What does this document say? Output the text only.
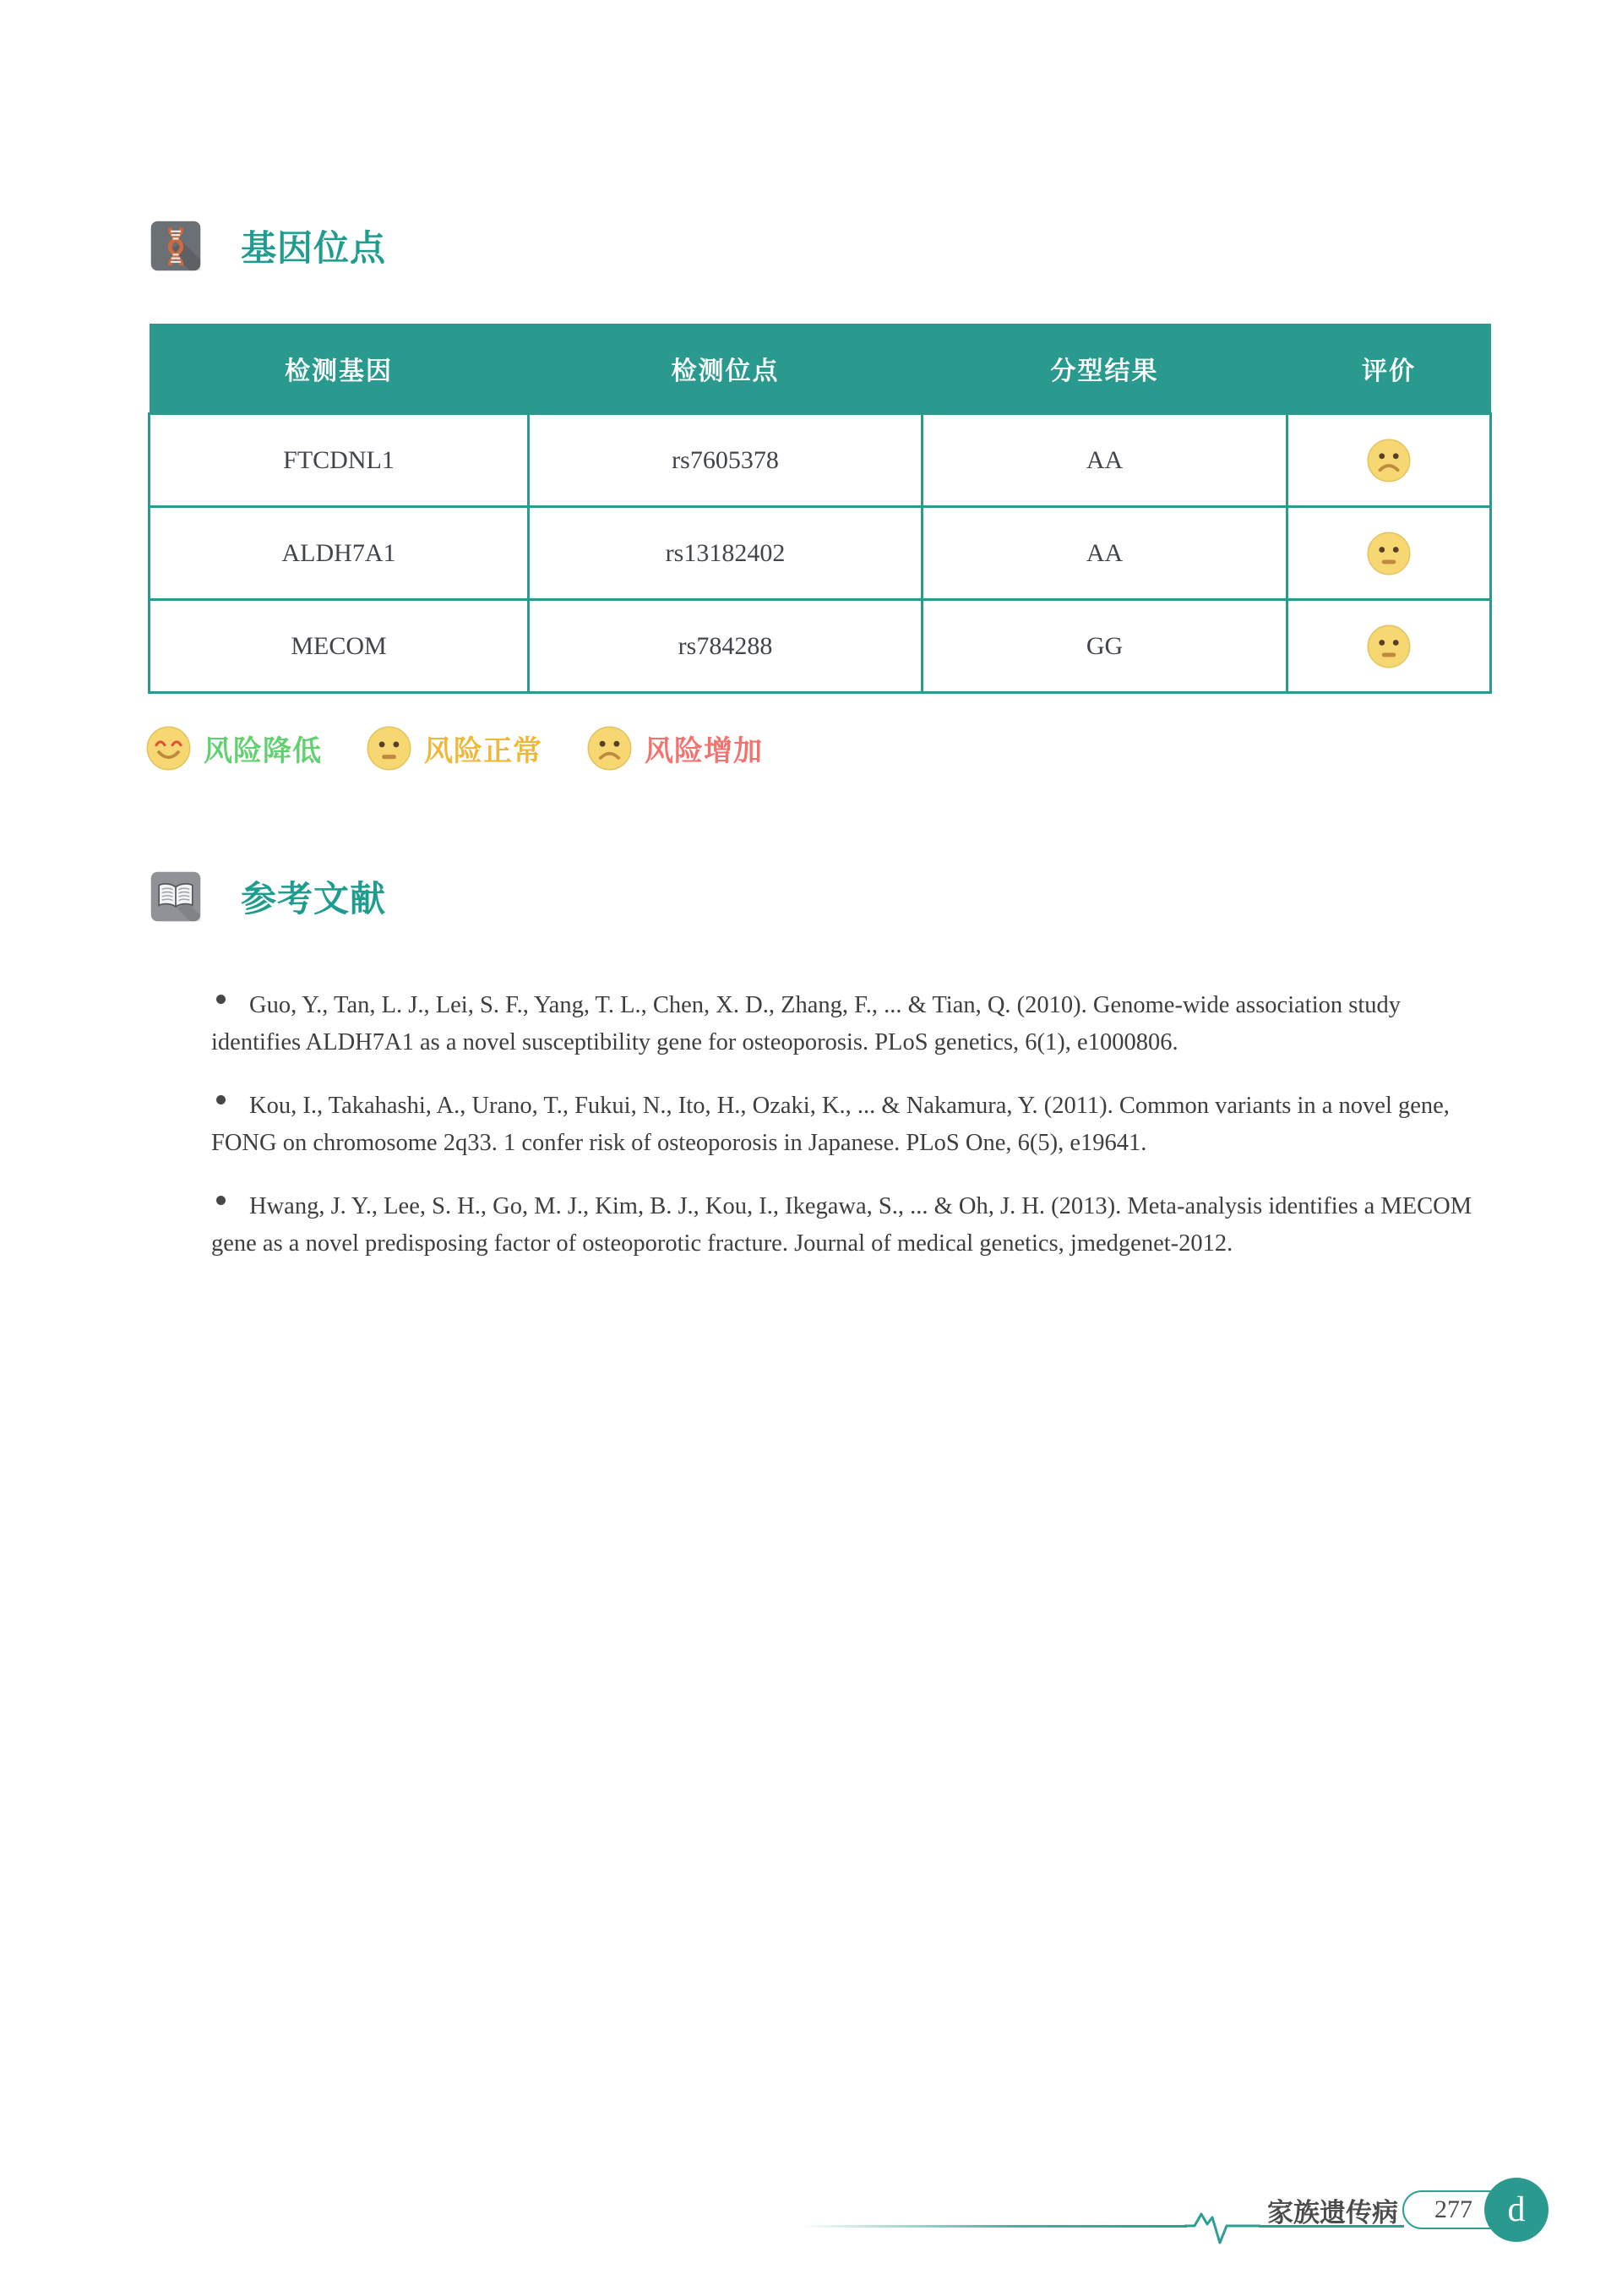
基因位点
检测基因	检测位点	分型结果	评价
FTCDNL1	rs7605378	AA	

ALDH7A1	rs13182402	AA	

MECOM	rs784288	GG	
风险降低	风险正常	风险增加
参考文献

Guo, Y., Tan, L. J., Lei, S. F., Yang, T. L., Chen, X. D., Zhang, F., ... & Tian, Q. (2010). Genome-wide association study identifies ALDH7A1 as a novel susceptibility gene for osteoporosis. PLoS genetics, 6(1), e1000806.

Kou, I., Takahashi, A., Urano, T., Fukui, N., Ito, H., Ozaki, K., ... & Nakamura, Y. (2011). Common variants in a novel gene, FONG on chromosome 2q33. 1 confer risk of osteoporosis in Japanese. PLoS One, 6(5), e19641.

Hwang, J. Y., Lee, S. H., Go, M. J., Kim, B. J., Kou, I., Ikegawa, S., ... & Oh, J. H. (2013). Meta-analysis identifies a MECOM gene as a novel predisposing factor of osteoporotic fracture. Journal of medical genetics, jmedgenet-2012.

家族遗传病	277 d
